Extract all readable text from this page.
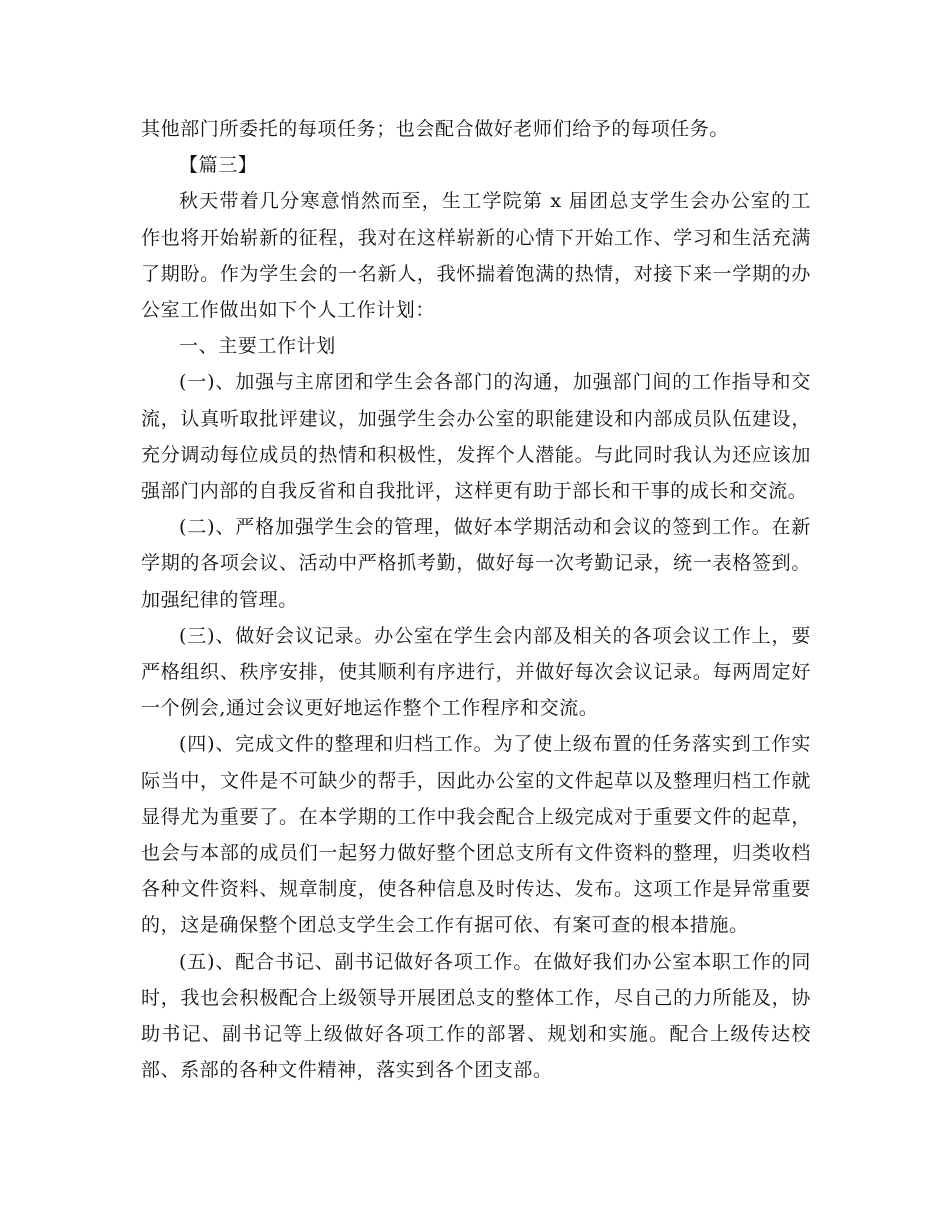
其他部门所委托的每项任务；也会配合做好老师们给予的每项任务。

【篇三】

秋天带着几分寒意悄然而至，生工学院第 x 届团总支学生会办公室的工作也将开始崭新的征程，我对在这样崭新的心情下开始工作、学习和生活充满了期盼。作为学生会的一名新人，我怀揣着饱满的热情，对接下来一学期的办公室工作做出如下个人工作计划：

一、主要工作计划

(一)、加强与主席团和学生会各部门的沟通，加强部门间的工作指导和交流，认真听取批评建议，加强学生会办公室的职能建设和内部成员队伍建设，充分调动每位成员的热情和积极性，发挥个人潜能。与此同时我认为还应该加强部门内部的自我反省和自我批评，这样更有助于部长和干事的成长和交流。

(二)、严格加强学生会的管理，做好本学期活动和会议的签到工作。在新学期的各项会议、活动中严格抓考勤，做好每一次考勤记录，统一表格签到。加强纪律的管理。

(三)、做好会议记录。办公室在学生会内部及相关的各项会议工作上，要严格组织、秩序安排，使其顺利有序进行，并做好每次会议记录。每两周定好一个例会,通过会议更好地运作整个工作程序和交流。

(四)、完成文件的整理和归档工作。为了使上级布置的任务落实到工作实际当中，文件是不可缺少的帮手，因此办公室的文件起草以及整理归档工作就显得尤为重要了。在本学期的工作中我会配合上级完成对于重要文件的起草，也会与本部的成员们一起努力做好整个团总支所有文件资料的整理，归类收档各种文件资料、规章制度，使各种信息及时传达、发布。这项工作是异常重要的，这是确保整个团总支学生会工作有据可依、有案可查的根本措施。

(五)、配合书记、副书记做好各项工作。在做好我们办公室本职工作的同时，我也会积极配合上级领导开展团总支的整体工作，尽自己的力所能及，协助书记、副书记等上级做好各项工作的部署、规划和实施。配合上级传达校部、系部的各种文件精神，落实到各个团支部。
